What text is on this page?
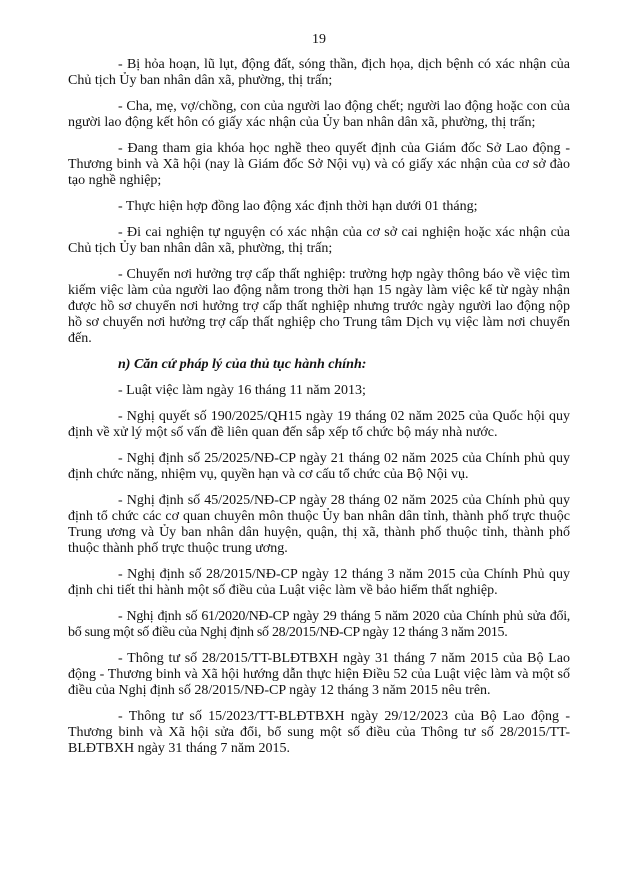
19

- Bị hỏa hoạn, lũ lụt, động đất, sóng thần, địch họa, dịch bệnh có xác nhận của Chủ tịch Ủy ban nhân dân xã, phường, thị trấn;

- Cha, mẹ, vợ/chồng, con của người lao động chết; người lao động hoặc con của người lao động kết hôn có giấy xác nhận của Ủy ban nhân dân xã, phường, thị trấn;

- Đang tham gia khóa học nghề theo quyết định của Giám đốc Sở Lao động - Thương binh và Xã hội (nay là Giám đốc Sở Nội vụ) và có giấy xác nhận của cơ sở đào tạo nghề nghiệp;

- Thực hiện hợp đồng lao động xác định thời hạn dưới 01 tháng;

- Đi cai nghiện tự nguyện có xác nhận của cơ sở cai nghiện hoặc xác nhận của Chủ tịch Ủy ban nhân dân xã, phường, thị trấn;

- Chuyển nơi hưởng trợ cấp thất nghiệp: trường hợp ngày thông báo về việc tìm kiếm việc làm của người lao động nằm trong thời hạn 15 ngày làm việc kể từ ngày nhận được hồ sơ chuyển nơi hưởng trợ cấp thất nghiệp nhưng trước ngày người lao động nộp hồ sơ chuyển nơi hưởng trợ cấp thất nghiệp cho Trung tâm Dịch vụ việc làm nơi chuyển đến.

n) Căn cứ pháp lý của thủ tục hành chính:

- Luật việc làm ngày 16 tháng 11 năm 2013;

- Nghị quyết số 190/2025/QH15 ngày 19 tháng 02 năm 2025 của Quốc hội quy định về xử lý một số vấn đề liên quan đến sắp xếp tổ chức bộ máy nhà nước.

- Nghị định số 25/2025/NĐ-CP ngày 21 tháng 02 năm 2025 của Chính phủ quy định chức năng, nhiệm vụ, quyền hạn và cơ cấu tổ chức của Bộ Nội vụ.

- Nghị định số 45/2025/NĐ-CP ngày 28 tháng 02 năm 2025 của Chính phủ quy định tổ chức các cơ quan chuyên môn thuộc Ủy ban nhân dân tỉnh, thành phố trực thuộc Trung ương và Ủy ban nhân dân huyện, quận, thị xã, thành phố thuộc tỉnh, thành phố thuộc thành phố trực thuộc trung ương.

- Nghị định số 28/2015/NĐ-CP ngày 12 tháng 3 năm 2015 của Chính Phủ quy định chi tiết thi hành một số điều của Luật việc làm về bảo hiểm thất nghiệp.

- Nghị định số 61/2020/NĐ-CP ngày 29 tháng 5 năm 2020 của Chính phủ sửa đổi, bổ sung một số điều của Nghị định số 28/2015/NĐ-CP ngày 12 tháng 3 năm 2015.

- Thông tư số 28/2015/TT-BLĐTBXH ngày 31 tháng 7 năm 2015 của Bộ Lao động - Thương binh và Xã hội hướng dẫn thực hiện Điều 52 của Luật việc làm và một số điều của Nghị định số 28/2015/NĐ-CP ngày 12 tháng 3 năm 2015 nêu trên.

- Thông tư số 15/2023/TT-BLĐTBXH ngày 29/12/2023 của Bộ Lao động - Thương binh và Xã hội sửa đổi, bổ sung một số điều của Thông tư số 28/2015/TT-BLĐTBXH ngày 31 tháng 7 năm 2015.
